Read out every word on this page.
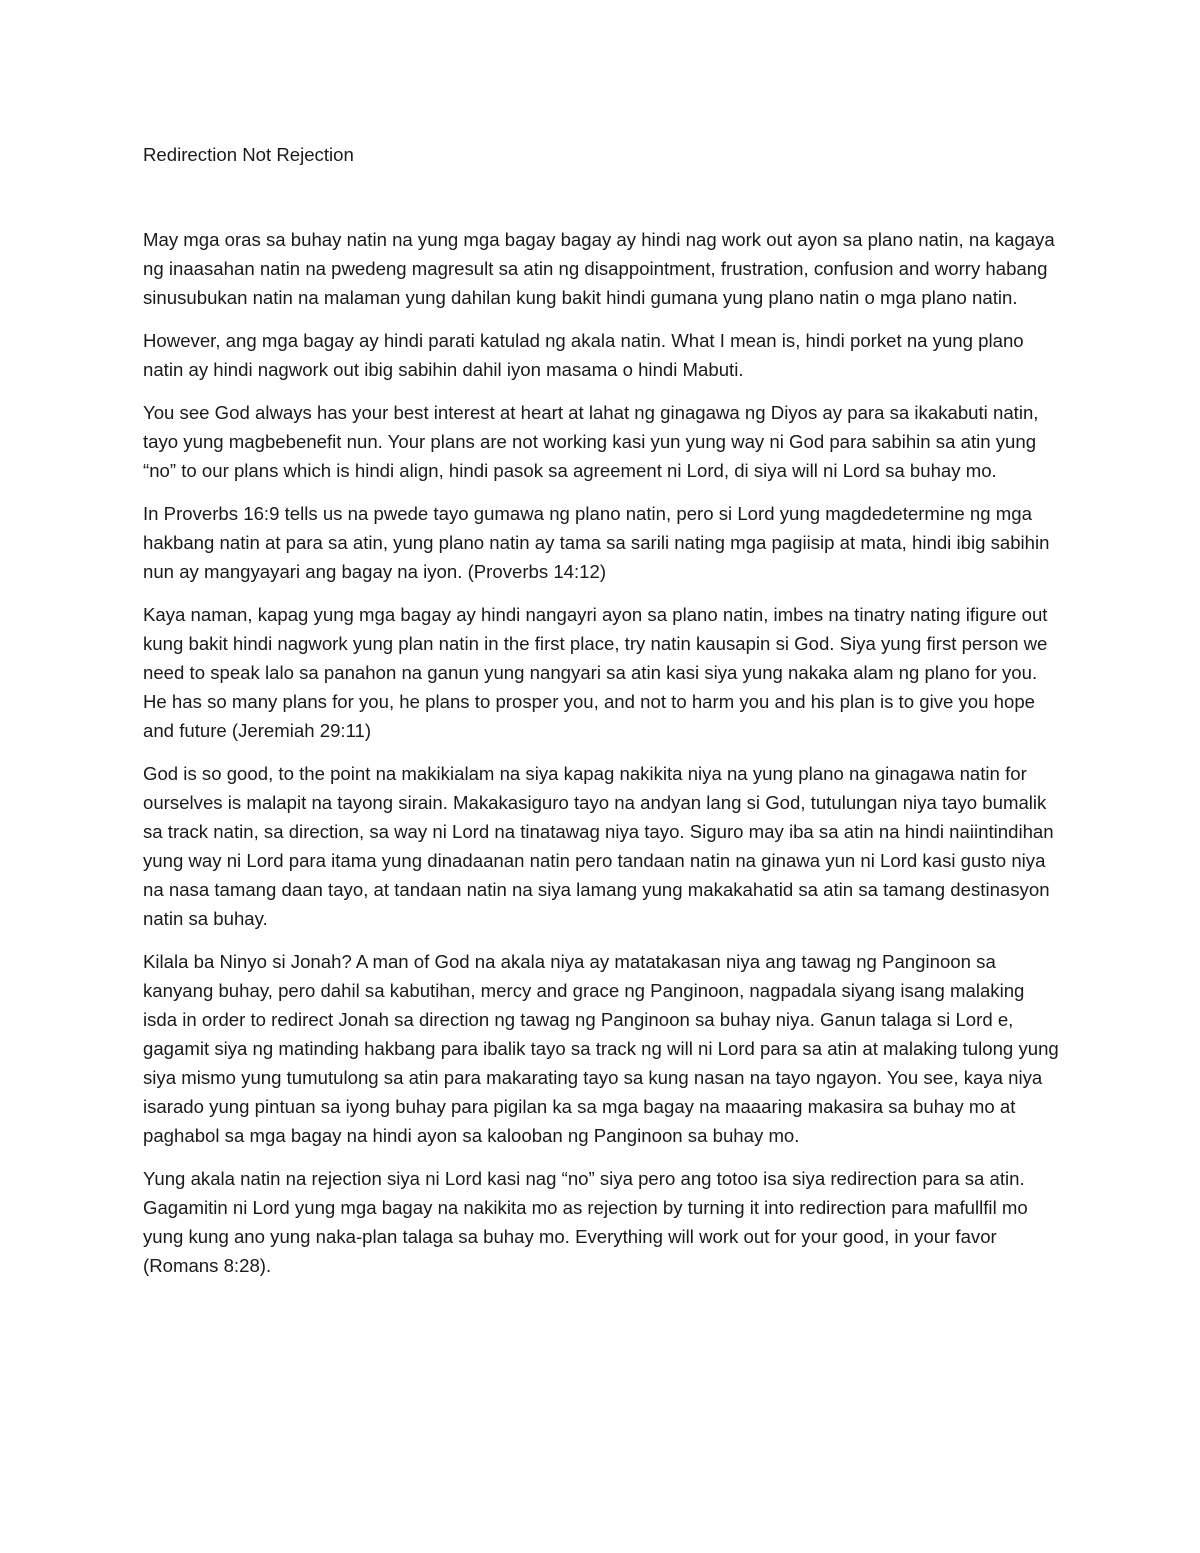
Redirection Not Rejection

May mga oras sa buhay natin na yung mga bagay bagay ay hindi nag work out ayon sa plano natin, na kagaya ng inaasahan natin na pwedeng magresult sa atin ng disappointment, frustration, confusion and worry habang sinusubukan natin na malaman yung dahilan kung bakit hindi gumana yung plano natin o mga plano natin.

However, ang mga bagay ay hindi parati katulad ng akala natin. What I mean is, hindi porket na yung plano natin ay hindi nagwork out ibig sabihin dahil iyon masama o hindi Mabuti.

You see God always has your best interest at heart at lahat ng ginagawa ng Diyos ay para sa ikakabuti natin, tayo yung magbebenefit nun. Your plans are not working kasi yun yung way ni God para sabihin sa atin yung “no” to our plans which is hindi align, hindi pasok sa agreement ni Lord, di siya will ni Lord sa buhay mo.

In Proverbs 16:9 tells us na pwede tayo gumawa ng plano natin, pero si Lord yung magdedetermine ng mga hakbang natin at para sa atin, yung plano natin ay tama sa sarili nating mga pagiisip at mata, hindi ibig sabihin nun ay mangyayari ang bagay na iyon. (Proverbs 14:12)

Kaya naman, kapag yung mga bagay ay hindi nangayri ayon sa plano natin, imbes na tinatry nating ifigure out kung bakit hindi nagwork yung plan natin in the first place, try natin kausapin si God. Siya yung first person we need to speak lalo sa panahon na ganun yung nangyari sa atin kasi siya yung nakaka alam ng plano for you. He has so many plans for you, he plans to prosper you, and not to harm you and his plan is to give you hope and future (Jeremiah 29:11)

God is so good, to the point na makikialam na siya kapag nakikita niya na yung plano na ginagawa natin for ourselves is malapit na tayong sirain. Makakasiguro tayo na andyan lang si God, tutulungan niya tayo bumalik sa track natin, sa direction, sa way ni Lord na tinatawag niya tayo. Siguro may iba sa atin na hindi naiintindihan yung way ni Lord para itama yung dinadaanan natin pero tandaan natin na ginawa yun ni Lord kasi gusto niya na nasa tamang daan tayo, at tandaan natin na siya lamang yung makakahatid sa atin sa tamang destinasyon natin sa buhay.

Kilala ba Ninyo si Jonah? A man of God na akala niya ay matatakasan niya ang tawag ng Panginoon sa kanyang buhay, pero dahil sa kabutihan, mercy and grace ng Panginoon, nagpadala siyang isang malaking isda in order to redirect Jonah sa direction ng tawag ng Panginoon sa buhay niya. Ganun talaga si Lord e, gagamit siya ng matinding hakbang para ibalik tayo sa track ng will ni Lord para sa atin at malaking tulong yung siya mismo yung tumutulong sa atin para makarating tayo sa kung nasan na tayo ngayon. You see, kaya niya isarado yung pintuan sa iyong buhay para pigilan ka sa mga bagay na maaaring makasira sa buhay mo at paghabol sa mga bagay na hindi ayon sa kalooban ng Panginoon sa buhay mo.

Yung akala natin na rejection siya ni Lord kasi nag “no” siya pero ang totoo isa siya redirection para sa atin. Gagamitin ni Lord yung mga bagay na nakikita mo as rejection by turning it into redirection para mafullfil mo yung kung ano yung naka-plan talaga sa buhay mo. Everything will work out for your good, in your favor (Romans 8:28).
